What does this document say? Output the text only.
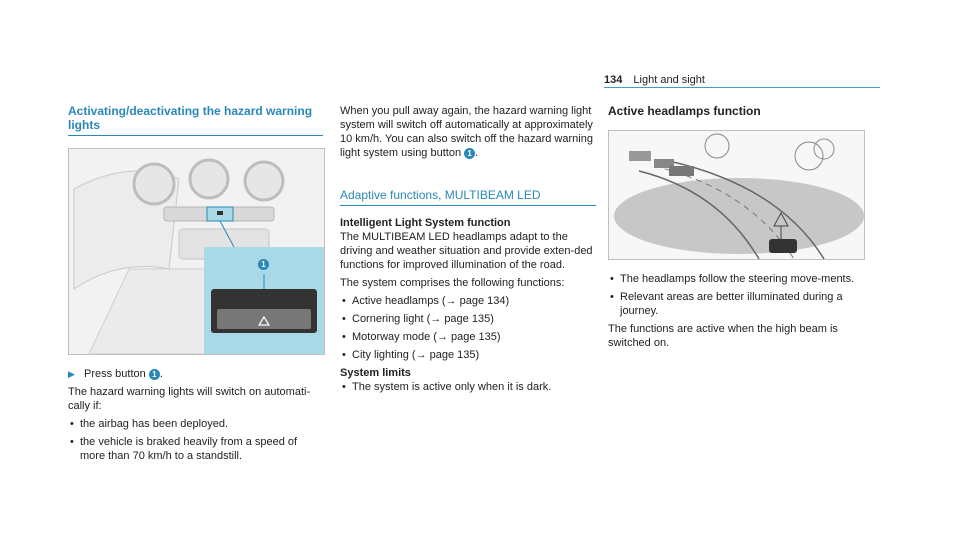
134 Light and sight
Activating/deactivating the hazard warning lights
1
▶ Press button 1 .

The hazard warning lights will switch on automati-cally if:

• the airbag has been deployed.
• the vehicle is braked heavily from a speed of more than 70 km/h to a standstill.

When you pull away again, the hazard warning light system will switch off automatically at approximately 10 km/h. You can also switch off the hazard warning light system using button 1 .

Adaptive functions, MULTIBEAM LED
Intelligent Light System function

The MULTIBEAM LED headlamps adapt to the driving and weather situation and provide exten-ded functions for improved illumination of the road.

The system comprises the following functions:

• Active headlamps (→ page 134)
• Cornering light (→ page 135)
• Motorway mode (→ page 135)
• City lighting (→ page 135)
System limits
• The system is active only when it is dark.
Active headlamps function
• The headlamps follow the steering move-ments.
• Relevant areas are better illuminated during a journey.

The functions are active when the high beam is switched on.
